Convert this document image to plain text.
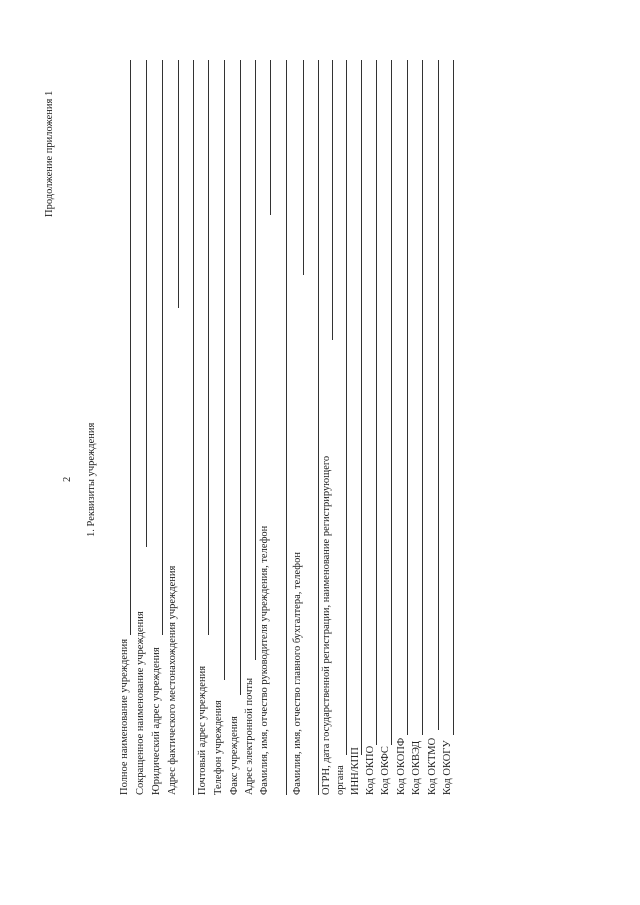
2
Продолжение приложения 1
1. Реквизиты учреждения
Полное наименование учреждения Сокращенное наименование учреждения Юридический адрес учреждения Адрес фактического местонахождения учреждения Почтовый адрес учреждения Телефон учреждения Факс учреждения Адрес электронной почты Фамилия, имя, отчество руководителя учреждения, телефон Фамилия, имя, отчество главного бухгалтера, телефон ОГРН, дата государственной регистрации, наименование регистрирующего органа ИНН/КПП Код ОКПО Код ОКФС Код ОКОПФ Код ОКВЭД Код ОКТМО Код ОКОГУ
